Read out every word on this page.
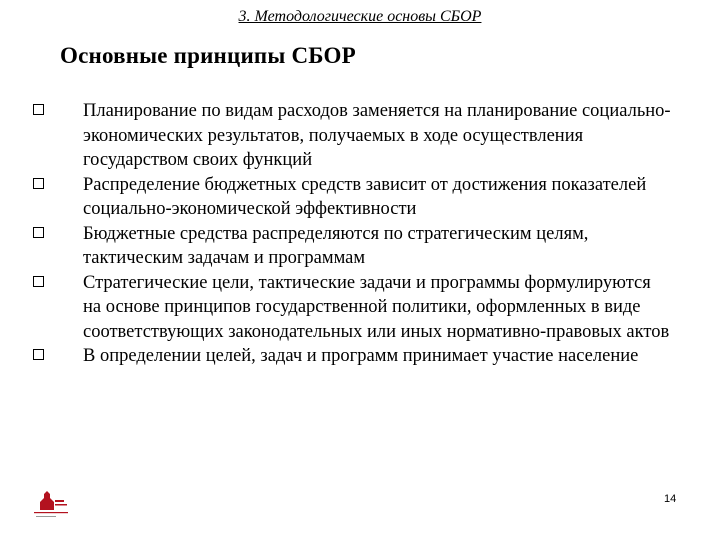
3. Методологические основы СБОР
Основные принципы СБОР
Планирование по видам расходов заменяется на планирование социально-экономических результатов, получаемых в ходе осуществления государством своих функций
Распределение бюджетных средств зависит от достижения показателей социально-экономической эффективности
Бюджетные средства распределяются по стратегическим целям, тактическим задачам и программам
Стратегические цели, тактические задачи и программы формулируются на основе принципов государственной политики, оформленных в виде соответствующих законодательных или иных нормативно-правовых актов
В определении целей, задач и программ принимает участие население
14
